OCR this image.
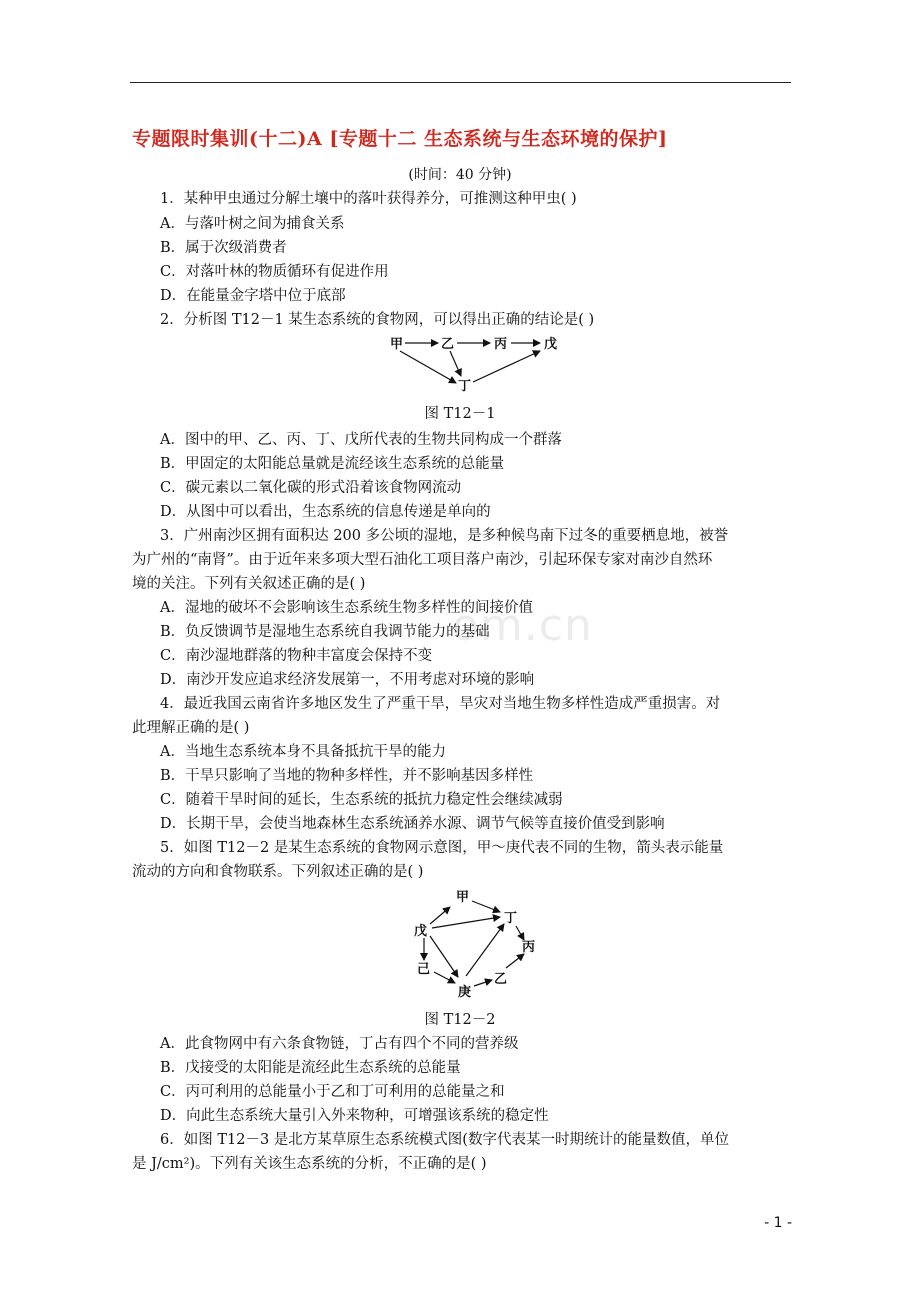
专题限时集训(十二)A [专题十二 生态系统与生态环境的保护]
(时间：40 分钟)
om.cn
1．某种甲虫通过分解土壤中的落叶获得养分，可推测这种甲虫( )
A．与落叶树之间为捕食关系
B．属于次级消费者
C．对落叶林的物质循环有促进作用
D．在能量金字塔中位于底部
2．分析图 T12－1 某生态系统的食物网，可以得出正确的结论是( )
甲	乙	丙	戊
丁
图 T12－1
A．图中的甲、乙、丙、丁、戊所代表的生物共同构成一个群落
B．甲固定的太阳能总量就是流经该生态系统的总能量
C．碳元素以二氧化碳的形式沿着该食物网流动
D．从图中可以看出，生态系统的信息传递是单向的
3．广州南沙区拥有面积达 200 多公顷的湿地，是多种候鸟南下过冬的重要栖息地，被誉
为广州的“南肾”。由于近年来多项大型石油化工项目落户南沙，引起环保专家对南沙自然环
境的关注。下列有关叙述正确的是( )
A．湿地的破坏不会影响该生态系统生物多样性的间接价值
B．负反馈调节是湿地生态系统自我调节能力的基础
C．南沙湿地群落的物种丰富度会保持不变
D．南沙开发应追求经济发展第一，不用考虑对环境的影响
4．最近我国云南省许多地区发生了严重干旱，旱灾对当地生物多样性造成严重损害。对
此理解正确的是( )
A．当地生态系统本身不具备抵抗干旱的能力
B．干旱只影响了当地的物种多样性，并不影响基因多样性
C．随着干旱时间的延长，生态系统的抵抗力稳定性会继续减弱
D．长期干旱，会使当地森林生态系统涵养水源、调节气候等直接价值受到影响
5．如图 T12－2 是某生态系统的食物网示意图，甲～庚代表不同的生物，箭头表示能量
流动的方向和食物联系。下列叙述正确的是( )
甲
丁
戊
丙
己
庚
乙
图 T12－2
A．此食物网中有六条食物链，丁占有四个不同的营养级
B．戊接受的太阳能是流经此生态系统的总能量
C．丙可利用的总能量小于乙和丁可利用的总能量之和
D．向此生态系统大量引入外来物种，可增强该系统的稳定性
6．如图 T12－3 是北方某草原生态系统模式图(数字代表某一时期统计的能量数值，单位
是 J/cm²)。下列有关该生态系统的分析，不正确的是( )
- 1 -
